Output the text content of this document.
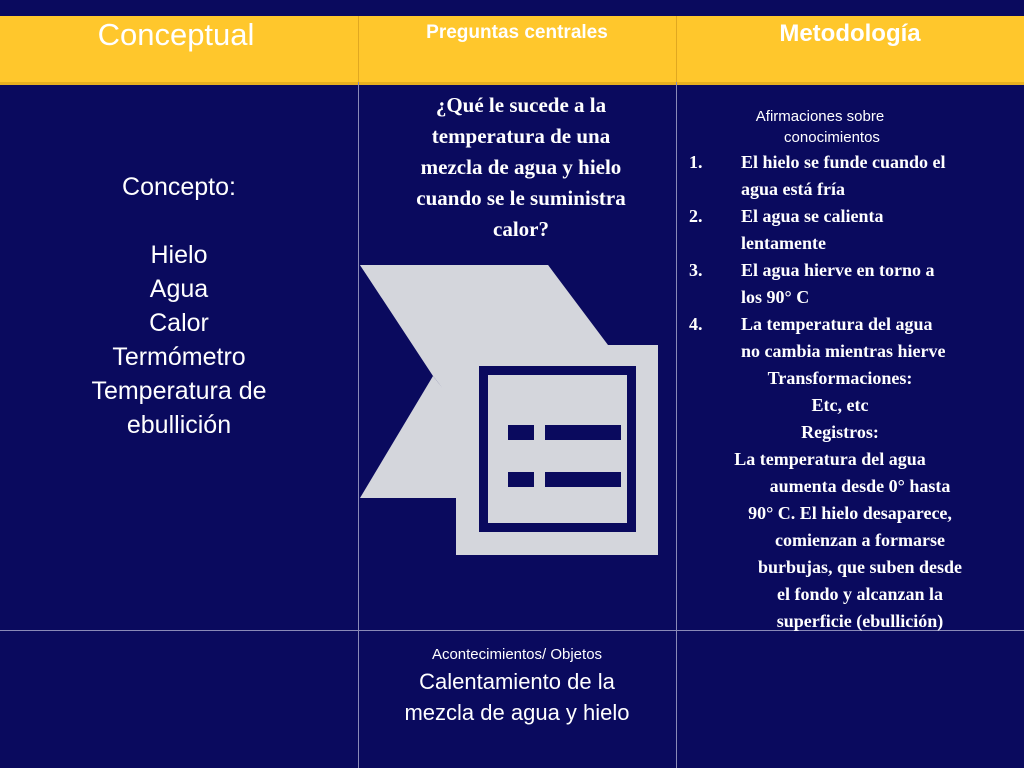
Conceptual	Preguntas centrales	Metodología
Concepto:
Hielo
Agua
Calor
Termómetro
Temperatura de
ebullición
¿Qué le sucede a la
temperatura de una
mezcla de agua y hielo
cuando se le suministra
calor?
Afirmaciones sobre
conocimientos
1. El hielo se funde cuando el
agua está fría
2. El agua se calienta
lentamente
3. El agua hierve en torno a
los 90° C
4. La temperatura del agua
no cambia mientras hierve
Transformaciones:
Etc, etc
Registros:
La temperatura del agua
aumenta desde 0° hasta
90° C. El hielo desaparece,
comienzan a formarse
burbujas, que suben desde
el fondo y alcanzan la
superficie (ebullición)
Acontecimientos/ Objetos
Calentamiento de la
mezcla de agua y hielo
